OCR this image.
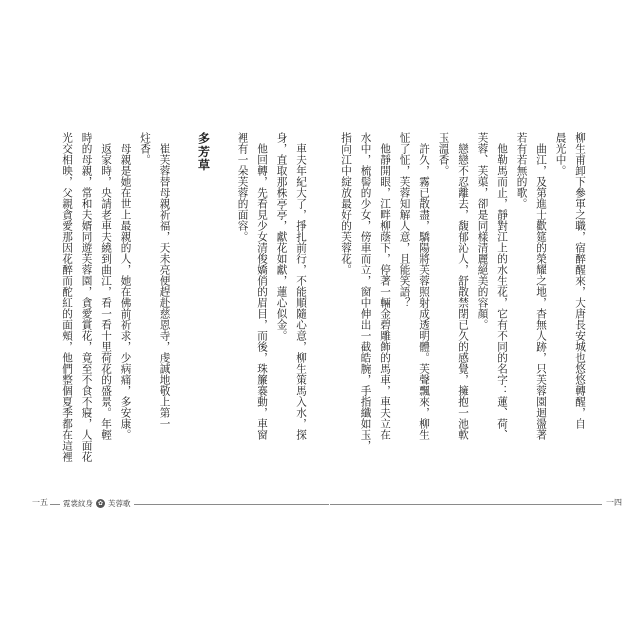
柳生甫卸下參軍之職，宿醉醒來，大唐長安城也悠悠轉醒，自
晨光中。
　曲江，及第進士歡筵的榮耀之地，杳無人跡，只芙蓉園迴盪著
若有若無的歌。
　他勒馬而止，靜對江上的水生花，它有不同的名字：蓮、荷、
芙蓉、芙蕖，卻是同樣清麗絕美的容顏。
　戀戀不忍離去，馥郁沁人，舒散禁閉已久的感覺，擁抱一池軟
玉溫香。
　許久，霧已散盡，驕陽將芙蓉照射成透明體。芙聲飄來，柳生
怔了怔，芙蓉知解人意，且能笑語？
　他靜開眼，江畔柳蔭下，停著一輛金碧雕飾的馬車，車夫立在
水中，梳髻的少女，傍車而立，窗中伸出一截皓腕，手指纖如玉，
指向江中綻放最好的芙蓉花。
　車夫年紀大了，掙扎前行，不能順隨心意，柳生策馬入水，探
身，直取那株亭亭，獻花如獻，蓮心似金。
　他回轉，先看見少女清俊嬌俏的眉目，而後，珠簾褰動，車窗
裡有一朵芙蓉的面容。

多芳草

　崔芙蓉替母親祈福，天未亮便趕赴慈恩寺，虔誠地敬上第一
炷香。
　母親是她在世上最親的人，她在佛前祈求，少病痛，多安康。
　返家時，央請老車夫繞到曲江，看一看十里荷花的盛景。年輕
時的母親，常和夫婿同遊芙蓉園，貪愛賞花，竟至不食不寢，人面花
光交相映，父親貪愛那因花醉而酡紅的面頰，他們整個夏季都在這裡
一五	一四
霓裳紋身 ✿ 芙蓉歌
